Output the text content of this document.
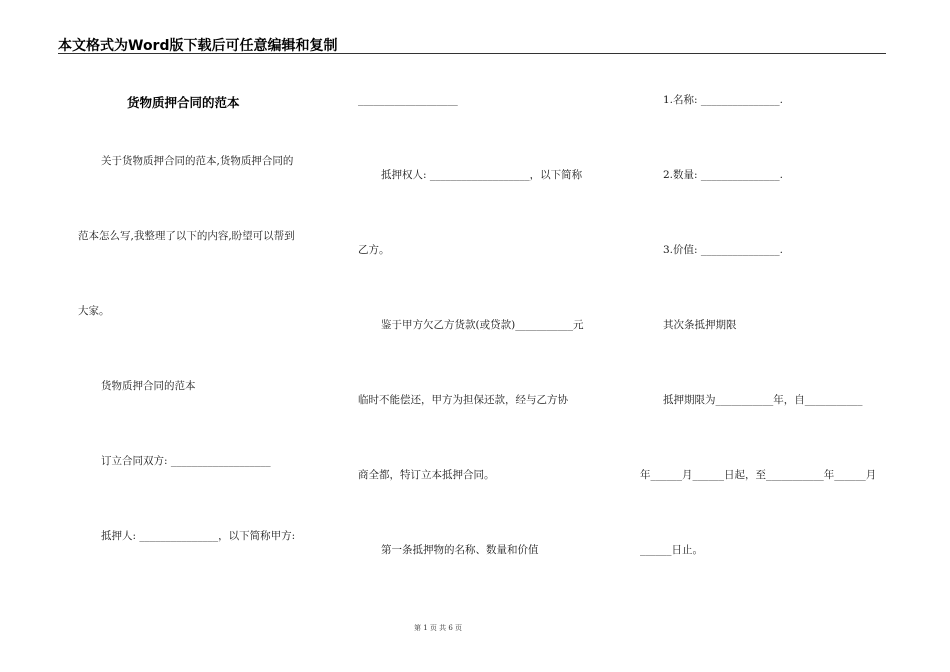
本文格式为Word版下载后可任意编辑和复制
货物质押合同的范本
关于货物质押合同的范本,货物质押合同的
范本怎么写,我整理了以下的内容,盼望可以帮到
大家。
货物质押合同的范本
订立合同双方: ___________________
抵押人: _______________，以下简称甲方:
___________________
抵押权人: ___________________，以下简称
乙方。
鉴于甲方欠乙方货款(或贷款)___________元
临时不能偿还，甲方为担保还款，经与乙方协
商全都，特订立本抵押合同。
第一条抵押物的名称、数量和价值
1.名称: _______________.
2.数量: _______________.
3.价值: _______________.
其次条抵押期限
抵押期限为___________年，自___________
年______月______日起，至___________年______月
______日止。
第 1 页 共 6 页
